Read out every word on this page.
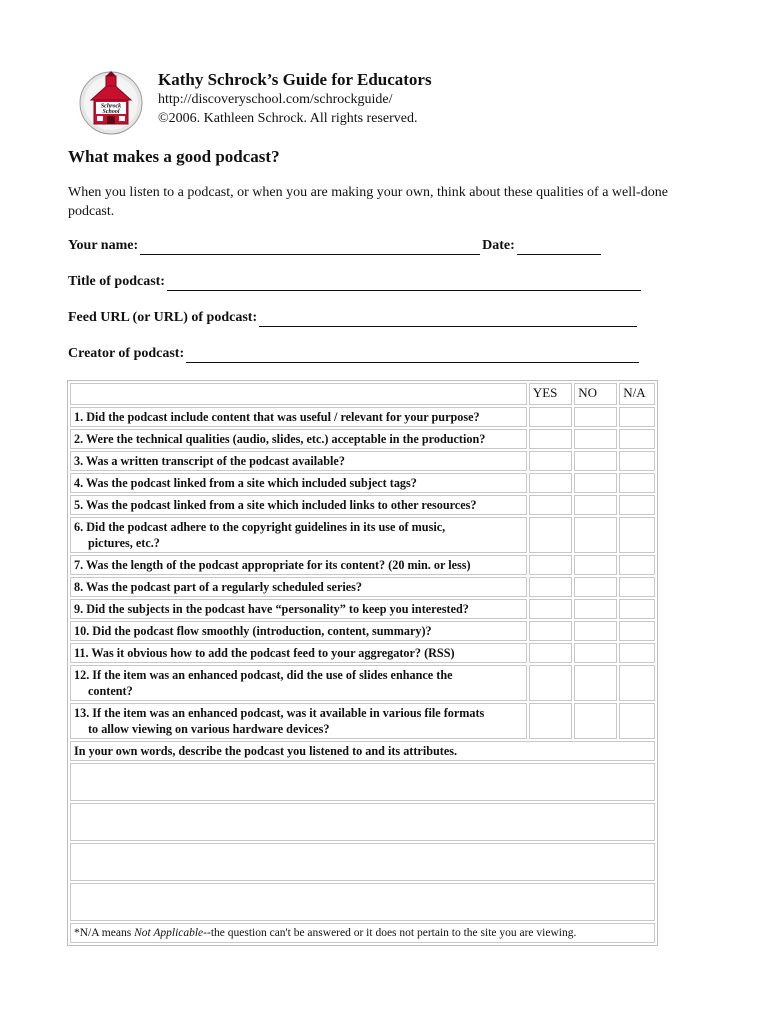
Schrock
School
Kathy Schrock’s Guide for Educators
http://discoveryschool.com/schrockguide/
©2006. Kathleen Schrock. All rights reserved.
What makes a good podcast?
When you listen to a podcast, or when you are making your own, think about these qualities of a well-done podcast.
Your name:	Date:
Title of podcast:
Feed URL (or URL) of podcast:
Creator of podcast:
	YES	NO	N/A
1. Did the podcast include content that was useful / relevant for your purpose?			
2. Were the technical qualities (audio, slides, etc.) acceptable in the production?			
3. Was a written transcript of the podcast available?			
4. Was the podcast linked from a site which included subject tags?			
5. Was the podcast linked from a site which included links to other resources?			
6. Did the podcast adhere to the copyright guidelines in its use of music,
pictures, etc.?			

7. Was the length of the podcast appropriate for its content? (20 min. or less)			
8. Was the podcast part of a regularly scheduled series?			
9. Did the subjects in the podcast have “personality” to keep you interested?			
10. Did the podcast flow smoothly (introduction, content, summary)?			
11. Was it obvious how to add the podcast feed to your aggregator? (RSS)			
12. If the item was an enhanced podcast, did the use of slides enhance the
content?			

13. If the item was an enhanced podcast, was it available in various file formats
to allow viewing on various hardware devices?			

In your own words, describe the podcast you listened to and its attributes.			

*N/A means Not Applicable--the question can't be answered or it does not pertain to the site you are viewing.			
